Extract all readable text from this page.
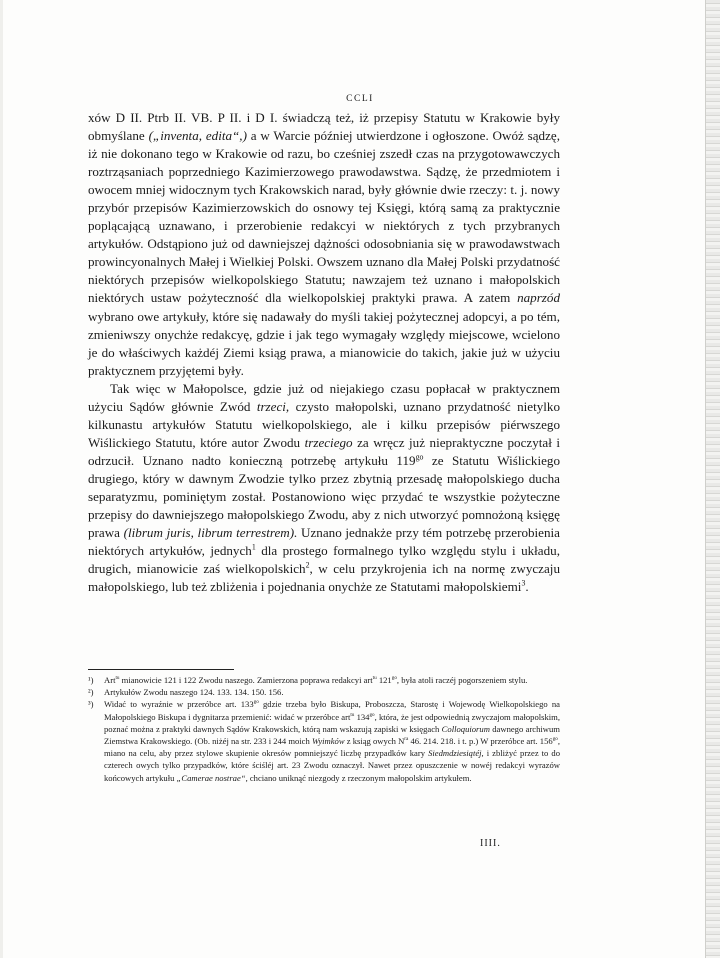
CCLI

xów D II. Ptrb II. VB. P II. i D I. świadczą też, iż przepisy Statutu w Krakowie były obmyślane („inventa, edita“,) a w Warcie później utwierdzone i ogłoszone. Owóż sądzę, iż nie dokonano tego w Krakowie od razu, bo cześniej zszedł czas na przygotowawczych roztrząsaniach poprzedniego Kazimierzowego prawodawstwa. Sądzę, że przedmiotem i owocem mniej widocznym tych Krakowskich narad, były głównie dwie rzeczy: t. j. nowy przybór przepisów Kazimierzowskich do osnowy tej Księgi, którą samą za praktycznie poplącającą uznawano, i przerobienie redakcyi w niektórych z tych przybranych artykułów. Odstąpiono już od dawniejszej dążności odosobniania się w prawodawstwach prowincyonalnych Małej i Wielkiej Polski. Owszem uznano dla Małej Polski przydatność niektórych przepisów wielkopolskiego Statutu; nawzajem też uznano i małopolskich niektórych ustaw pożyteczność dla wielkopolskiej praktyki prawa. A zatem naprzód wybrano owe artykuły, które się nadawały do myśli takiej pożytecznej adopcyi, a po tém, zmieniwszy onychże redakcyę, gdzie i jak tego wymagały względy miejscowe, wcielono je do właściwych każdéj Ziemi ksiąg prawa, a mianowicie do takich, jakie już w użyciu praktycznem przyjętemi były.

Tak więc w Małopolsce, gdzie już od niejakiego czasu popłacał w praktycznem użyciu Sądów głównie Zwód trzeci, czysto małopolski, uznano przydatność nietylko kilkunastu artykułów Statutu wielkopolskiego, ale i kilku przepisów piérwszego Wiślickiego Statutu, które autor Zwodu trzeciego za wręcz już niepraktyczne poczytał i odrzucił. Uznano nadto konieczną potrzebę artykułu $119^{go}$ ze Statutu Wiślickiego drugiego, który w dawnym Zwodzie tylko przez zbytnią przesadę małopolskiego ducha separatyzmu, pominiętym został. Postanowiono więc przydać te wszystkie pożyteczne przepisy do dawniejszego małopolskiego Zwodu, aby z nich utworzyć pomnożoną księgę prawa (librum juris, librum terrestrem). Uznano jednakże przy tém potrzebę przerobienia niektórych artykułów, jednych$^1$ dla prostego formalnego tylko względu stylu i układu, drugich, mianowicie zaś wielkopolskich$^2$, w celu przykrojenia ich na normę zwyczaju małopolskiego, lub też zbliżenia i pojednania onychże ze Statutami małopolskiemi$^3$.

¹) Art$^{tu}$ mianowicie 121 i 122 Zwodu naszego. Zamierzona poprawa redakcyi art$^{tu}$ $121^{go}$, była atoli raczéj pogorszeniem stylu.

²) Artykułów Zwodu naszego 124. 133. 134. 150. 156.

³) Widać to wyraźnie w przeróbce art. $133^{go}$ gdzie trzeba było Biskupa, Proboszcza, Starostę i Wojewodę Wielkopolskiego na Małopolskiego Biskupa i dygnitarza przemienić: widać w przeróbce art$^{tu}$ $134^{go}$, która, że jest odpowiednią zwyczajom małopolskim, poznać można z praktyki dawnych Sądów Krakowskich, którą nam wskazują zapiski w księgach Colloquiorum dawnego archiwum Ziemstwa Krakowskiego. (Ob. niżéj na str. 233 i 244 moich Wyimków z ksiąg owych $N^{ra}$ 46. 214. 218. i t. p.) W przeróbce art. $156^{go}$, miano na celu, aby przez stylowe skupienie okresów pomniejszyć liczbę przypadków kary Siedmdziesiątéj, i zbliżyć przez to do czterech owych tylko przypadków, które ściśléj art. 23 Zwodu oznaczył. Nawet przez opuszczenie w nowéj redakcyi wyrazów końcowych artykułu „Camerae nostrae“, chciano uniknąć niezgody z rzeczonym małopolskim artykułem.

IIII.
